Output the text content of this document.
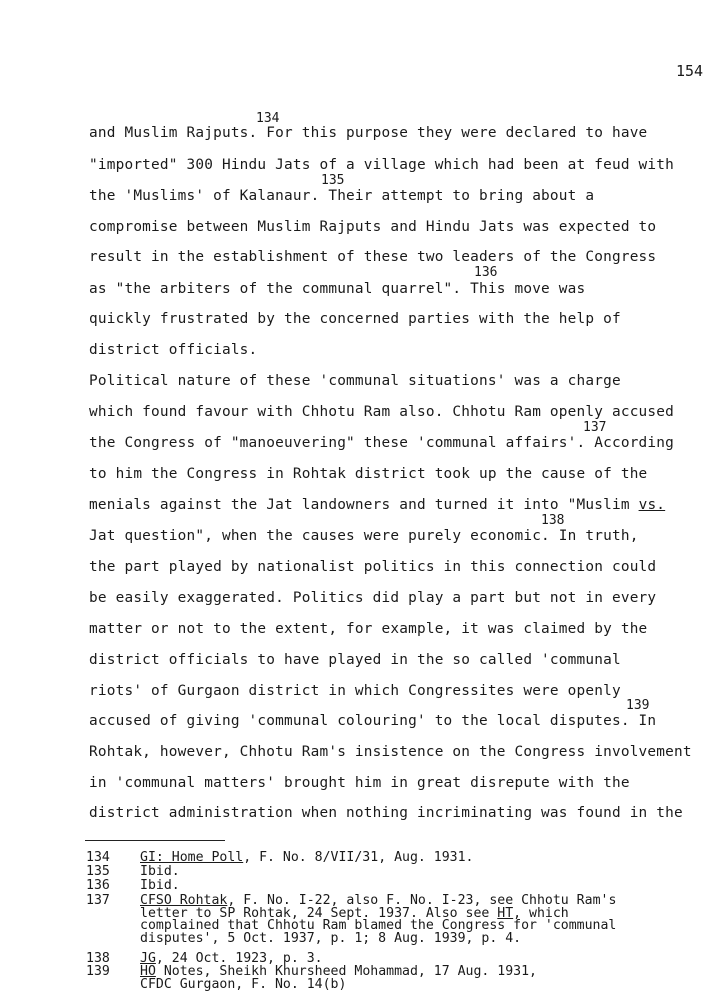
154
134
135
136
137
138
139
and Muslim Rajputs. For this purpose they were declared to have
"imported" 300 Hindu Jats of a village which had been at feud with
the 'Muslims' of Kalanaur. Their attempt to bring about a
compromise between Muslim Rajputs and Hindu Jats was expected to
result in the establishment of these two leaders of the Congress
as "the arbiters of the communal quarrel". This move was
quickly frustrated by the concerned parties with the help of
district officials.
Political nature of these 'communal situations' was a charge
which found favour with Chhotu Ram also. Chhotu Ram openly accused
the Congress of "manoeuvering" these 'communal affairs'. According
to him the Congress in Rohtak district took up the cause of the
menials against the Jat landowners and turned it into "Muslim vs.
Jat question", when the causes were purely economic. In truth,
the part played by nationalist politics in this connection could
be easily exaggerated. Politics did play a part but not in every
matter or not to the extent, for example, it was claimed by the
district officials to have played in the so called 'communal
riots' of Gurgaon district in which Congressites were openly
accused of giving 'communal colouring' to the local disputes. In
Rohtak, however, Chhotu Ram's insistence on the Congress involvement
in 'communal matters' brought him in great disrepute with the
district administration when nothing incriminating was found in the
134 GI: Home Poll, F. No. 8/VII/31, Aug. 1931.
135 Ibid.
136 Ibid.
137 CFSO Rohtak, F. No. I-22, also F. No. I-23, see Chhotu Ram's
letter to SP Rohtak, 24 Sept. 1937. Also see HT, which
complained that Chhotu Ram blamed the Congress for 'communal
disputes', 5 Oct. 1937, p. 1; 8 Aug. 1939, p. 4.
138 JG, 24 Oct. 1923, p. 3.
139 HO Notes, Sheikh Khursheed Mohammad, 17 Aug. 1931,
CFDC Gurgaon, F. No. 14(b)
